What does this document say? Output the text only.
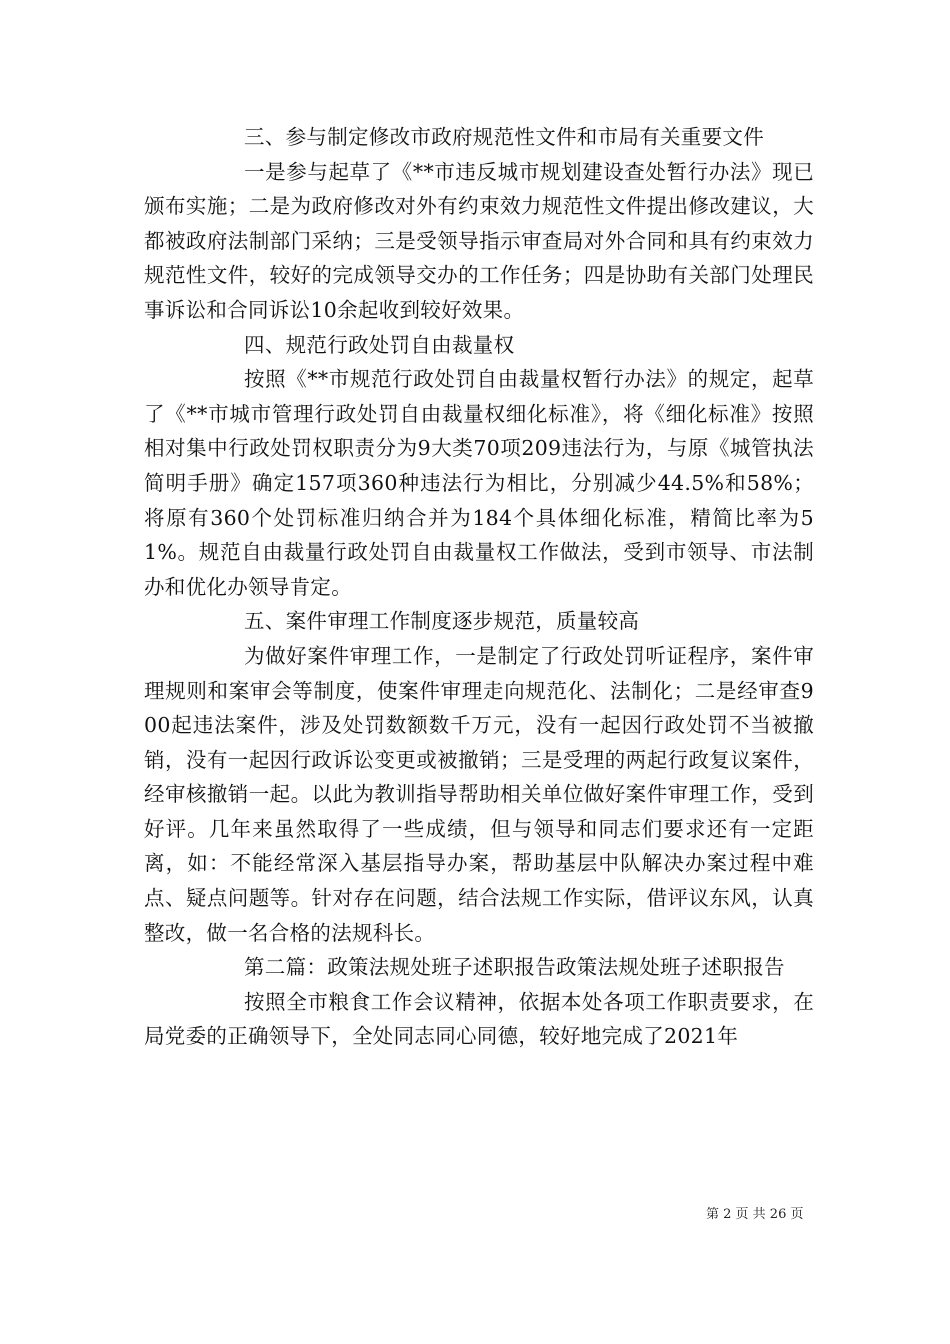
三、参与制定修改市政府规范性文件和市局有关重要文件

一是参与起草了《**市违反城市规划建设查处暂行办法》现已颁布实施；二是为政府修改对外有约束效力规范性文件提出修改建议，大都被政府法制部门采纳；三是受领导指示审查局对外合同和具有约束效力规范性文件，较好的完成领导交办的工作任务；四是协助有关部门处理民事诉讼和合同诉讼10余起收到较好效果。

四、规范行政处罚自由裁量权

按照《**市规范行政处罚自由裁量权暂行办法》的规定，起草了《**市城市管理行政处罚自由裁量权细化标准》，将《细化标准》按照相对集中行政处罚权职责分为9大类70项209违法行为，与原《城管执法简明手册》确定157项360种违法行为相比，分别减少44.5%和58%；将原有360个处罚标准归纳合并为184个具体细化标准，精简比率为51%。规范自由裁量行政处罚自由裁量权工作做法，受到市领导、市法制办和优化办领导肯定。

五、案件审理工作制度逐步规范，质量较高

为做好案件审理工作，一是制定了行政处罚听证程序，案件审理规则和案审会等制度，使案件审理走向规范化、法制化；二是经审查900起违法案件，涉及处罚数额数千万元，没有一起因行政处罚不当被撤销，没有一起因行政诉讼变更或被撤销；三是受理的两起行政复议案件，经审核撤销一起。以此为教训指导帮助相关单位做好案件审理工作，受到好评。几年来虽然取得了一些成绩，但与领导和同志们要求还有一定距离，如：不能经常深入基层指导办案，帮助基层中队解决办案过程中难点、疑点问题等。针对存在问题，结合法规工作实际，借评议东风，认真整改，做一名合格的法规科长。

第二篇：政策法规处班子述职报告政策法规处班子述职报告

按照全市粮食工作会议精神，依据本处各项工作职责要求，在局党委的正确领导下，全处同志同心同德，较好地完成了2021年

第 2 页 共 26 页
